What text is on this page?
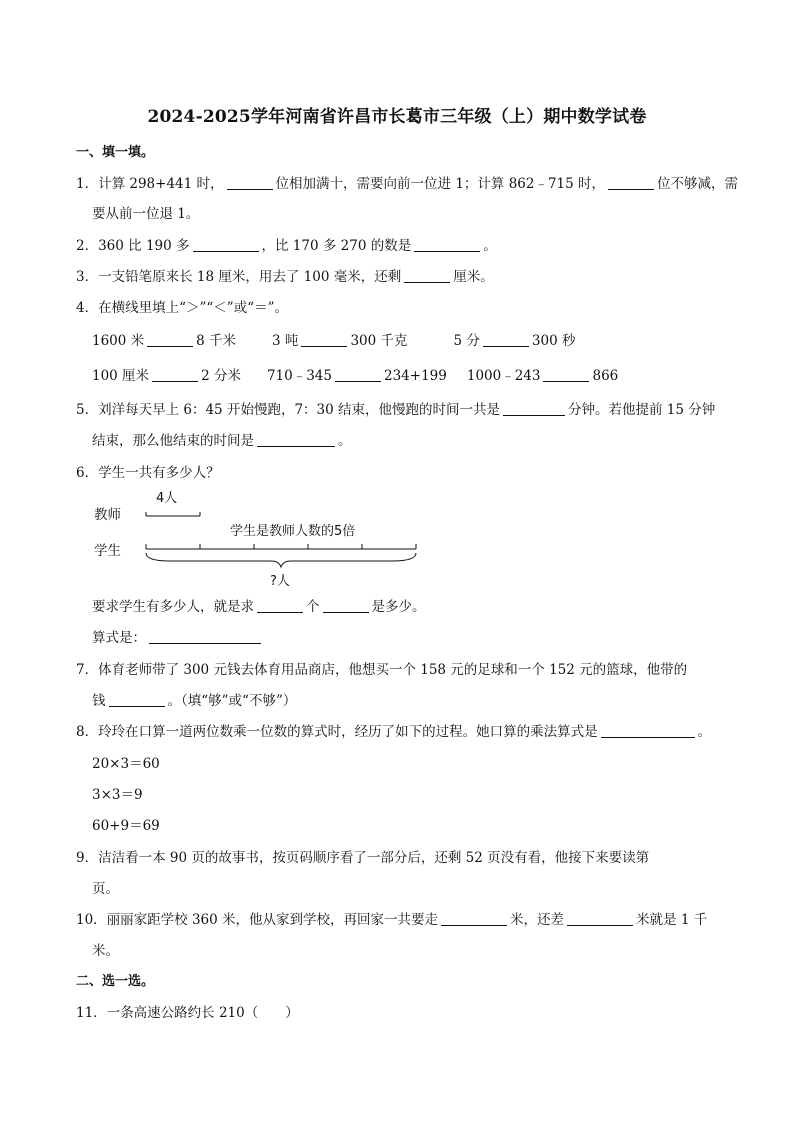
2024-2025学年河南省许昌市长葛市三年级（上）期中数学试卷
一、填一填。
1．计算 298+441 时，	位相加满十，需要向前一位进 1；计算 862﹣715 时，	位不够减，需
要从前一位退 1。
2．360 比 190 多	，比 170 多 270 的数是	。
3．一支铅笔原来长 18 厘米，用去了 100 毫米，还剩	厘米。
4．在横线里填上“＞”“＜”或“＝”。
1600 米	8 千米	3 吨	300 千克	5 分	300 秒
100 厘米	2 分米 710﹣345	234+199 1000﹣243	866
5．刘洋每天早上 6：45 开始慢跑，7：30 结束，他慢跑的时间一共是	分钟。若他提前 15 分钟
结束，那么他结束的时间是	。
6．学生一共有多少人？
教师
学生
4人
学生是教师人数的5倍
?人
要求学生有多少人，就是求	个	是多少。
算式是：
7．体育老师带了 300 元钱去体育用品商店，他想买一个 158 元的足球和一个 152 元的篮球，他带的
钱	。（填“够”或“不够”）
8．玲玲在口算一道两位数乘一位数的算式时，经历了如下的过程。她口算的乘法算式是	。
20×3＝60
3×3＝9
60+9＝69
9．洁洁看一本 90 页的故事书，按页码顺序看了一部分后，还剩 52 页没有看，他接下来要读第
页。
10．丽丽家距学校 360 米，他从家到学校，再回家一共要走	米，还差	米就是 1 千
米。
二、选一选。
11．一条高速公路约长 210（　　）
